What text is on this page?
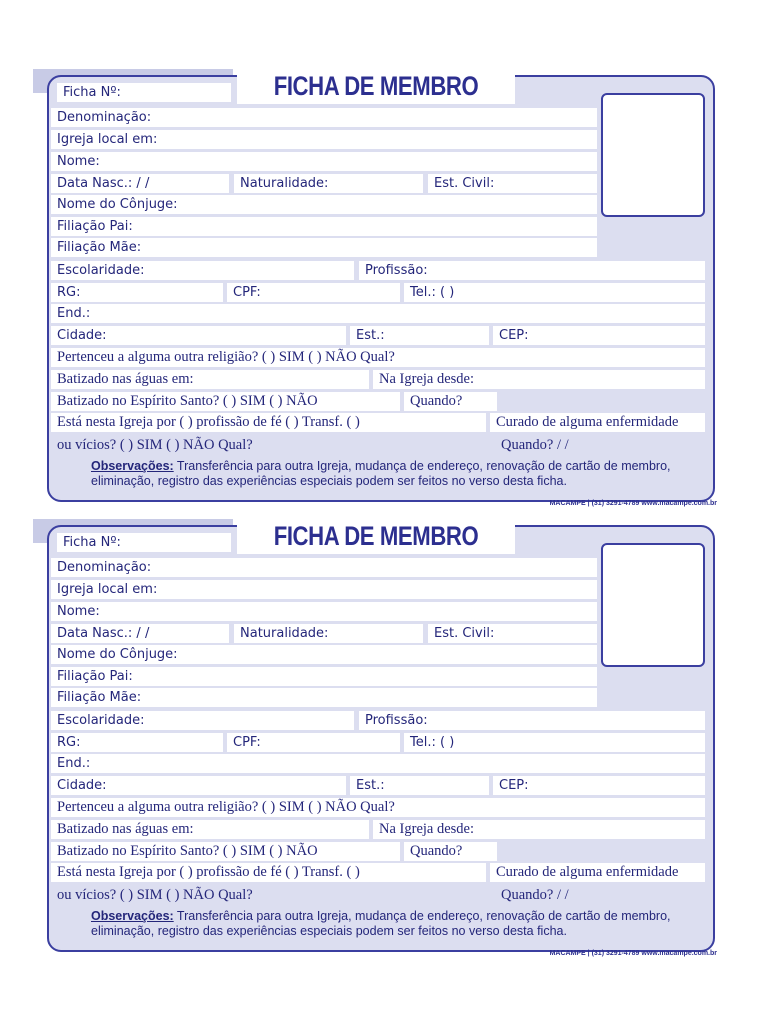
FICHA DE MEMBRO
Ficha Nº:
Denominação:
Igreja local em:
Nome:
Data Nasc.: / /	Naturalidade:	Est. Civil:
Nome do Cônjuge:
Filiação Pai:
Filiação Mãe:
Escolaridade:	Profissão:
RG:	CPF:	Tel.: ( )
End.:
Cidade:	Est.:	CEP:
Pertenceu a alguma outra religião? ( ) SIM ( ) NÃO Qual?
Batizado nas águas em:	Na Igreja desde:
Batizado no Espírito Santo? ( ) SIM ( ) NÃO	Quando?
Está nesta Igreja por ( ) profissão de fé ( ) Transf. ( )	Curado de alguma enfermidade
ou vícios? ( ) SIM ( ) NÃO Qual?	Quando? / /
Observações: Transferência para outra Igreja, mudança de endereço, renovação de cartão de membro, eliminação, registro das experiências especiais podem ser feitos no verso desta ficha.
MACAMPE | (31) 3291-4789 www.macampe.com.br
FICHA DE MEMBRO
Ficha Nº:
Denominação:
Igreja local em:
Nome:
Data Nasc.: / /	Naturalidade:	Est. Civil:
Nome do Cônjuge:
Filiação Pai:
Filiação Mãe:
Escolaridade:	Profissão:
RG:	CPF:	Tel.: ( )
End.:
Cidade:	Est.:	CEP:
Pertenceu a alguma outra religião? ( ) SIM ( ) NÃO Qual?
Batizado nas águas em:	Na Igreja desde:
Batizado no Espírito Santo? ( ) SIM ( ) NÃO	Quando?
Está nesta Igreja por ( ) profissão de fé ( ) Transf. ( )	Curado de alguma enfermidade
ou vícios? ( ) SIM ( ) NÃO Qual?	Quando? / /
Observações: Transferência para outra Igreja, mudança de endereço, renovação de cartão de membro, eliminação, registro das experiências especiais podem ser feitos no verso desta ficha.
MACAMPE | (31) 3291-4789 www.macampe.com.br
